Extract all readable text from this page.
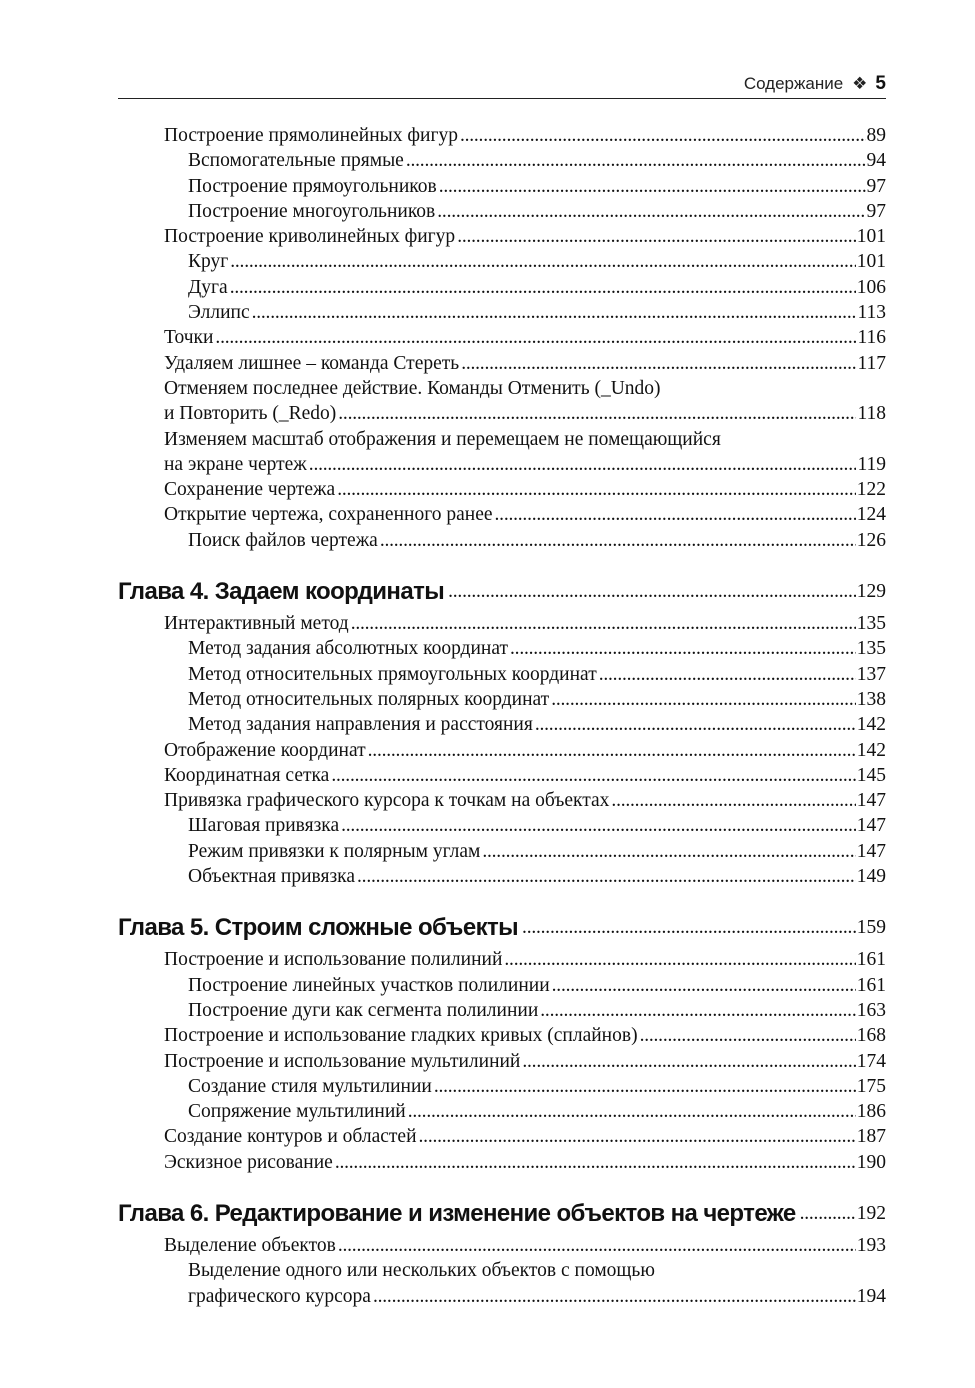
Содержание ❖ 5
Построение прямолинейных фигур . . .	89
Вспомогательные прямые . . .	94
Построение прямоугольников . . .	97
Построение многоугольников . . .	97
Построение криволинейных фигур . . .	101
Круг . . .	101
Дуга . . .	106
Эллипс . . .	113
Точки . . .	116
Удаляем лишнее – команда Стереть . . .	117
Отменяем последнее действие. Команды Отменить (_Undo)
и Повторить (_Redo) . . .	118
Изменяем масштаб отображения и перемещаем не помещающийся
на экране чертеж . . .	119
Сохранение чертежа . . .	122
Открытие чертежа, сохраненного ранее . . .	124
Поиск файлов чертежа . . .	126
Глава 4. Задаем координаты . . .	129
Интерактивный метод . . .	135
Метод задания абсолютных координат . . .	135
Метод относительных прямоугольных координат . . .	137
Метод относительных полярных координат . . .	138
Метод задания направления и расстояния . . .	142
Отображение координат . . .	142
Координатная сетка . . .	145
Привязка графического курсора к точкам на объектах . . .	147
Шаговая привязка . . .	147
Режим привязки к полярным углам . . .	147
Объектная привязка . . .	149
Глава 5. Строим сложные объекты . . .	159
Построение и использование полилиний . . .	161
Построение линейных участков полилинии . . .	161
Построение дуги как сегмента полилинии . . .	163
Построение и использование гладких кривых (сплайнов) . . .	168
Построение и использование мультилиний . . .	174
Создание стиля мультилинии . . .	175
Сопряжение мультилиний . . .	186
Создание контуров и областей . . .	187
Эскизное рисование . . .	190
Глава 6. Редактирование и изменение объектов на чертеже . . .	192
Выделение объектов . . .	193
Выделение одного или нескольких объектов с помощью
графического курсора . . .	194
